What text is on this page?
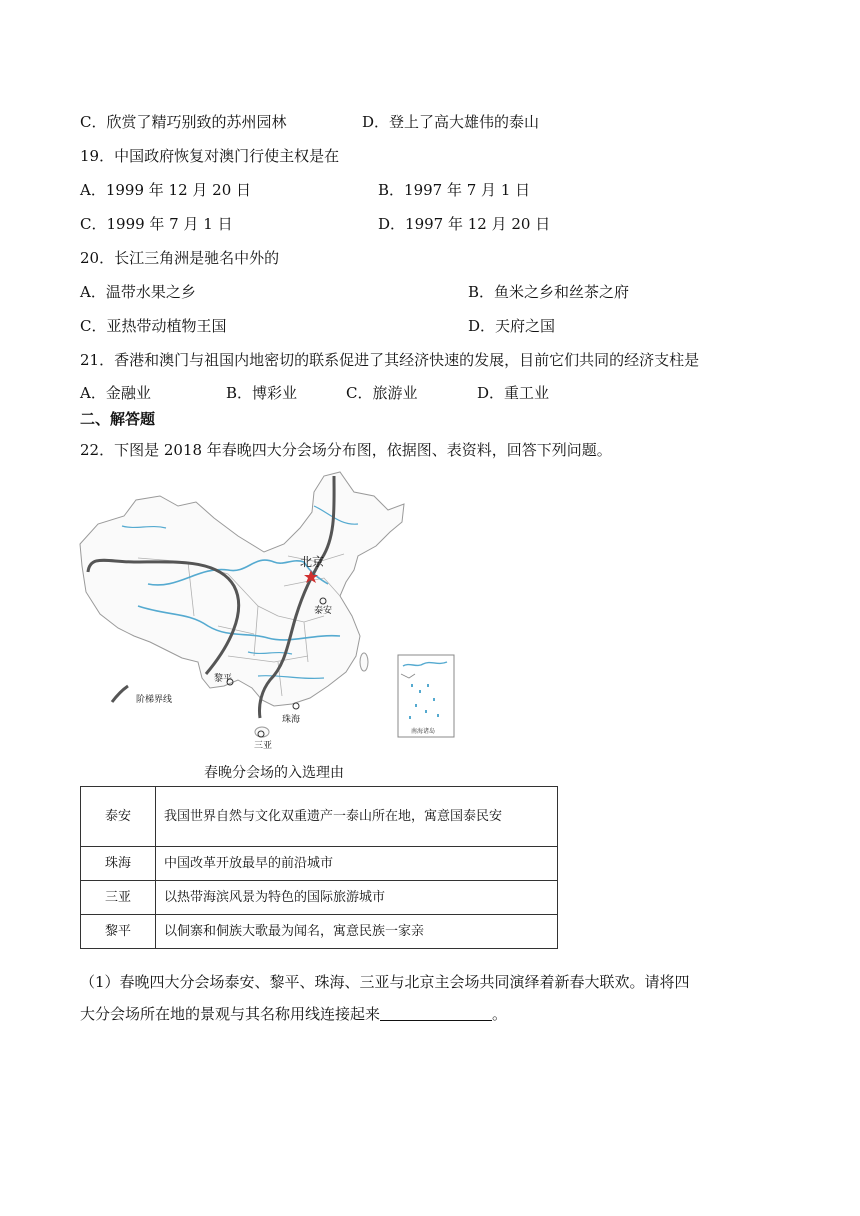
C．欣赏了精巧别致的苏州园林	D．登上了高大雄伟的泰山
19．中国政府恢复对澳门行使主权是在
A．1999 年 12 月 20 日	B．1997 年 7 月 1 日
C．1999 年 7 月 1 日	D．1997 年 12 月 20 日
20．长江三角洲是驰名中外的
A．温带水果之乡	B．鱼米之乡和丝茶之府
C．亚热带动植物王国	D．天府之国
21．香港和澳门与祖国内地密切的联系促进了其经济快速的发展，目前它们共同的经济支柱是
A．金融业	B．博彩业	C．旅游业	D．重工业
二、解答题
22．下图是 2018 年春晚四大分会场分布图，依据图、表资料，回答下列问题。
北京
泰安
黎平
珠海
三亚
阶梯界线
南海诸岛
春晚分会场的入选理由
泰安	我国世界自然与文化双重遗产一泰山所在地，寓意国泰民安
珠海	中国改革开放最早的前沿城市
三亚	以热带海滨风景为特色的国际旅游城市
黎平	以侗寨和侗族大歌最为闻名，寓意民族一家亲
（1）春晚四大分会场泰安、黎平、珠海、三亚与北京主会场共同演绎着新春大联欢。请将四
大分会场所在地的景观与其名称用线连接起来	。
